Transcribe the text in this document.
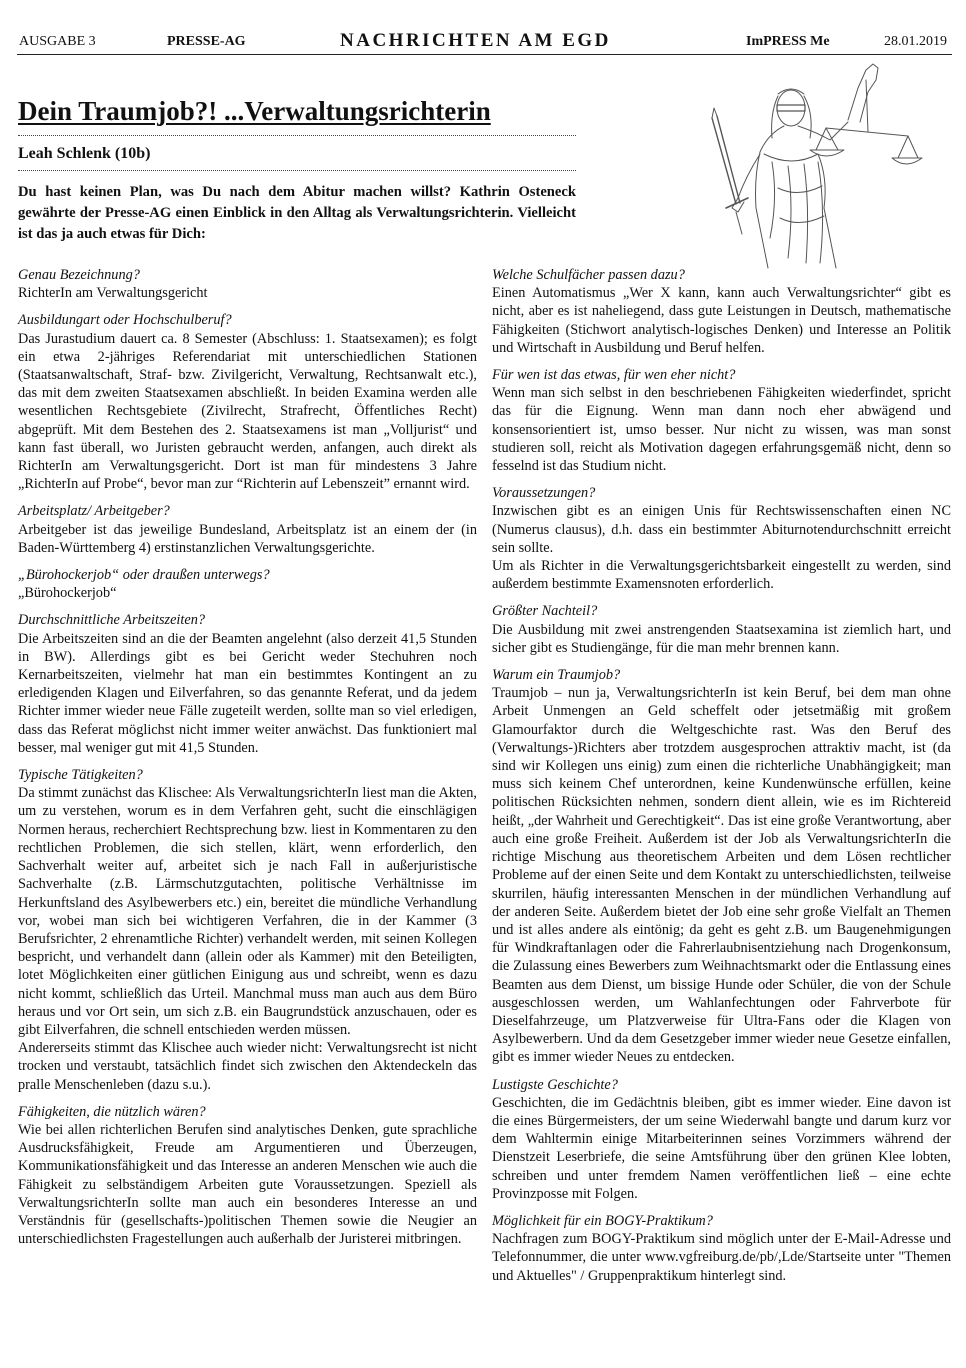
AUSGABE 3	PRESSE-AG	NACHRICHTEN AM EGD	ImPRESS Me	28.01.2019
Dein Traumjob?! ...Verwaltungsrichterin
Leah Schlenk (10b)
Du hast keinen Plan, was Du nach dem Abitur machen willst? Kathrin Osteneck gewährte der Presse-AG einen Einblick in den Alltag als Verwaltungsrichterin. Vielleicht ist das ja auch etwas für Dich:
Genau Bezeichnung?
RichterIn am Verwaltungsgericht
Ausbildungart oder Hochschulberuf?
Das Jurastudium dauert ca. 8 Semester (Abschluss: 1. Staatsexamen); es folgt ein etwa 2-jähriges Referendariat mit unterschiedlichen Stationen (Staatsanwaltschaft, Straf- bzw. Zivilgericht, Verwaltung, Rechtsanwalt etc.), das mit dem zweiten Staatsexamen abschließt. In beiden Examina werden alle wesentlichen Rechtsgebiete (Zivilrecht, Strafrecht, Öffentliches Recht) abgeprüft. Mit dem Bestehen des 2. Staatsexamens ist man „Volljurist“ und kann fast überall, wo Juristen gebraucht werden, anfangen, auch direkt als RichterIn am Verwaltungsgericht. Dort ist man für mindestens 3 Jahre „RichterIn auf Probe“, bevor man zur “Richterin auf Lebenszeit” ernannt wird.
Arbeitsplatz/ Arbeitgeber?
Arbeitgeber ist das jeweilige Bundesland, Arbeitsplatz ist an einem der (in Baden-Württemberg 4) erstinstanzlichen Verwaltungsgerichte.
„Bürohockerjob“ oder draußen unterwegs?
„Bürohockerjob“
Durchschnittliche Arbeitszeiten?
Die Arbeitszeiten sind an die der Beamten angelehnt (also derzeit 41,5 Stunden in BW). Allerdings gibt es bei Gericht weder Stechuhren noch Kernarbeitszeiten, vielmehr hat man ein bestimmtes Kontingent an zu erledigenden Klagen und Eilverfahren, so das genannte Referat, und da jedem Richter immer wieder neue Fälle zugeteilt werden, sollte man so viel erledigen, dass das Referat möglichst nicht immer weiter anwächst. Das funktioniert mal besser, mal weniger gut mit 41,5 Stunden.
Typische Tätigkeiten?
Da stimmt zunächst das Klischee: Als VerwaltungsrichterIn liest man die Akten, um zu verstehen, worum es in dem Verfahren geht, sucht die einschlägigen Normen heraus, recherchiert Rechtsprechung bzw. liest in Kommentaren zu den rechtlichen Problemen, die sich stellen, klärt, wenn erforderlich, den Sachverhalt weiter auf, arbeitet sich je nach Fall in außerjuristische Sachverhalte (z.B. Lärmschutzgutachten, politische Verhältnisse im Herkunftsland des Asylbewerbers etc.) ein, bereitet die mündliche Verhandlung vor, wobei man sich bei wichtigeren Verfahren, die in der Kammer (3 Berufsrichter, 2 ehrenamtliche Richter) verhandelt werden, mit seinen Kollegen bespricht, und verhandelt dann (allein oder als Kammer) mit den Beteiligten, lotet Möglichkeiten einer gütlichen Einigung aus und schreibt, wenn es dazu nicht kommt, schließlich das Urteil. Manchmal muss man auch aus dem Büro heraus und vor Ort sein, um sich z.B. ein Baugrundstück anzuschauen, oder es gibt Eilverfahren, die schnell entschieden werden müssen.
Andererseits stimmt das Klischee auch wieder nicht: Verwaltungsrecht ist nicht trocken und verstaubt, tatsächlich findet sich zwischen den Aktendeckeln das pralle Menschenleben (dazu s.u.).
Fähigkeiten, die nützlich wären?
Wie bei allen richterlichen Berufen sind analytisches Denken, gute sprachliche Ausdrucksfähigkeit, Freude am Argumentieren und Überzeugen, Kommunikationsfähigkeit und das Interesse an anderen Menschen wie auch die Fähigkeit zu selbständigem Arbeiten gute Voraussetzungen. Speziell als VerwaltungsrichterIn sollte man auch ein besonderes Interesse an und Verständnis für (gesellschafts-)politischen Themen sowie die Neugier an unterschiedlichsten Fragestellungen auch außerhalb der Juristerei mitbringen.
Welche Schulfächer passen dazu?
Einen Automatismus „Wer X kann, kann auch Verwaltungsrichter“ gibt es nicht, aber es ist naheliegend, dass gute Leistungen in Deutsch, mathematische Fähigkeiten (Stichwort analytisch-logisches Denken) und Interesse an Politik und Wirtschaft in Ausbildung und Beruf helfen.
Für wen ist das etwas, für wen eher nicht?
Wenn man sich selbst in den beschriebenen Fähigkeiten wiederfindet, spricht das für die Eignung. Wenn man dann noch eher abwägend und konsensorientiert ist, umso besser. Nur nicht zu wissen, was man sonst studieren soll, reicht als Motivation dagegen erfahrungsgemäß nicht, denn so fesselnd ist das Studium nicht.
Voraussetzungen?
Inzwischen gibt es an einigen Unis für Rechtswissenschaften einen NC (Numerus clausus), d.h. dass ein bestimmter Abiturnotendurchschnitt erreicht sein sollte.
Um als Richter in die Verwaltungsgerichtsbarkeit eingestellt zu werden, sind außerdem bestimmte Examensnoten erforderlich.
Größter Nachteil?
Die Ausbildung mit zwei anstrengenden Staatsexamina ist ziemlich hart, und sicher gibt es Studiengänge, für die man mehr brennen kann.
Warum ein Traumjob?
Traumjob – nun ja, VerwaltungsrichterIn ist kein Beruf, bei dem man ohne Arbeit Unmengen an Geld scheffelt oder jetsetmäßig mit großem Glamourfaktor durch die Weltgeschichte rast. Was den Beruf des (Verwaltungs-)Richters aber trotzdem ausgesprochen attraktiv macht, ist (da sind wir Kollegen uns einig) zum einen die richterliche Unabhängigkeit; man muss sich keinem Chef unterordnen, keine Kundenwünsche erfüllen, keine politischen Rücksichten nehmen, sondern dient allein, wie es im Richtereid heißt, „der Wahrheit und Gerechtigkeit“. Das ist eine große Verantwortung, aber auch eine große Freiheit. Außerdem ist der Job als VerwaltungsrichterIn die richtige Mischung aus theoretischem Arbeiten und dem Lösen rechtlicher Probleme auf der einen Seite und dem Kontakt zu unterschiedlichsten, teilweise skurrilen, häufig interessanten Menschen in der mündlichen Verhandlung auf der anderen Seite. Außerdem bietet der Job eine sehr große Vielfalt an Themen und ist alles andere als eintönig; da geht es geht z.B. um Baugenehmigungen für Windkraftanlagen oder die Fahrerlaubnisentziehung nach Drogenkonsum, die Zulassung eines Bewerbers zum Weihnachtsmarkt oder die Entlassung eines Beamten aus dem Dienst, um bissige Hunde oder Schüler, die von der Schule ausgeschlossen werden, um Wahlanfechtungen oder Fahrverbote für Dieselfahrzeuge, um Platzverweise für Ultra-Fans oder die Klagen von Asylbewerbern. Und da dem Gesetzgeber immer wieder neue Gesetze einfallen, gibt es immer wieder Neues zu entdecken.
Lustigste Geschichte?
Geschichten, die im Gedächtnis bleiben, gibt es immer wieder. Eine davon ist die eines Bürgermeisters, der um seine Wiederwahl bangte und darum kurz vor dem Wahltermin einige Mitarbeiterinnen seines Vorzimmers während der Dienstzeit Leserbriefe, die seine Amtsführung über den grünen Klee lobten, schreiben und unter fremdem Namen veröffentlichen ließ – eine echte Provinzposse mit Folgen.
Möglichkeit für ein BOGY-Praktikum?
Nachfragen zum BOGY-Praktikum sind möglich unter der E-Mail-Adresse und Telefonnummer, die unter www.vgfreiburg.de/pb/,Lde/Startseite unter "Themen und Aktuelles" / Gruppenpraktikum hinterlegt sind.
